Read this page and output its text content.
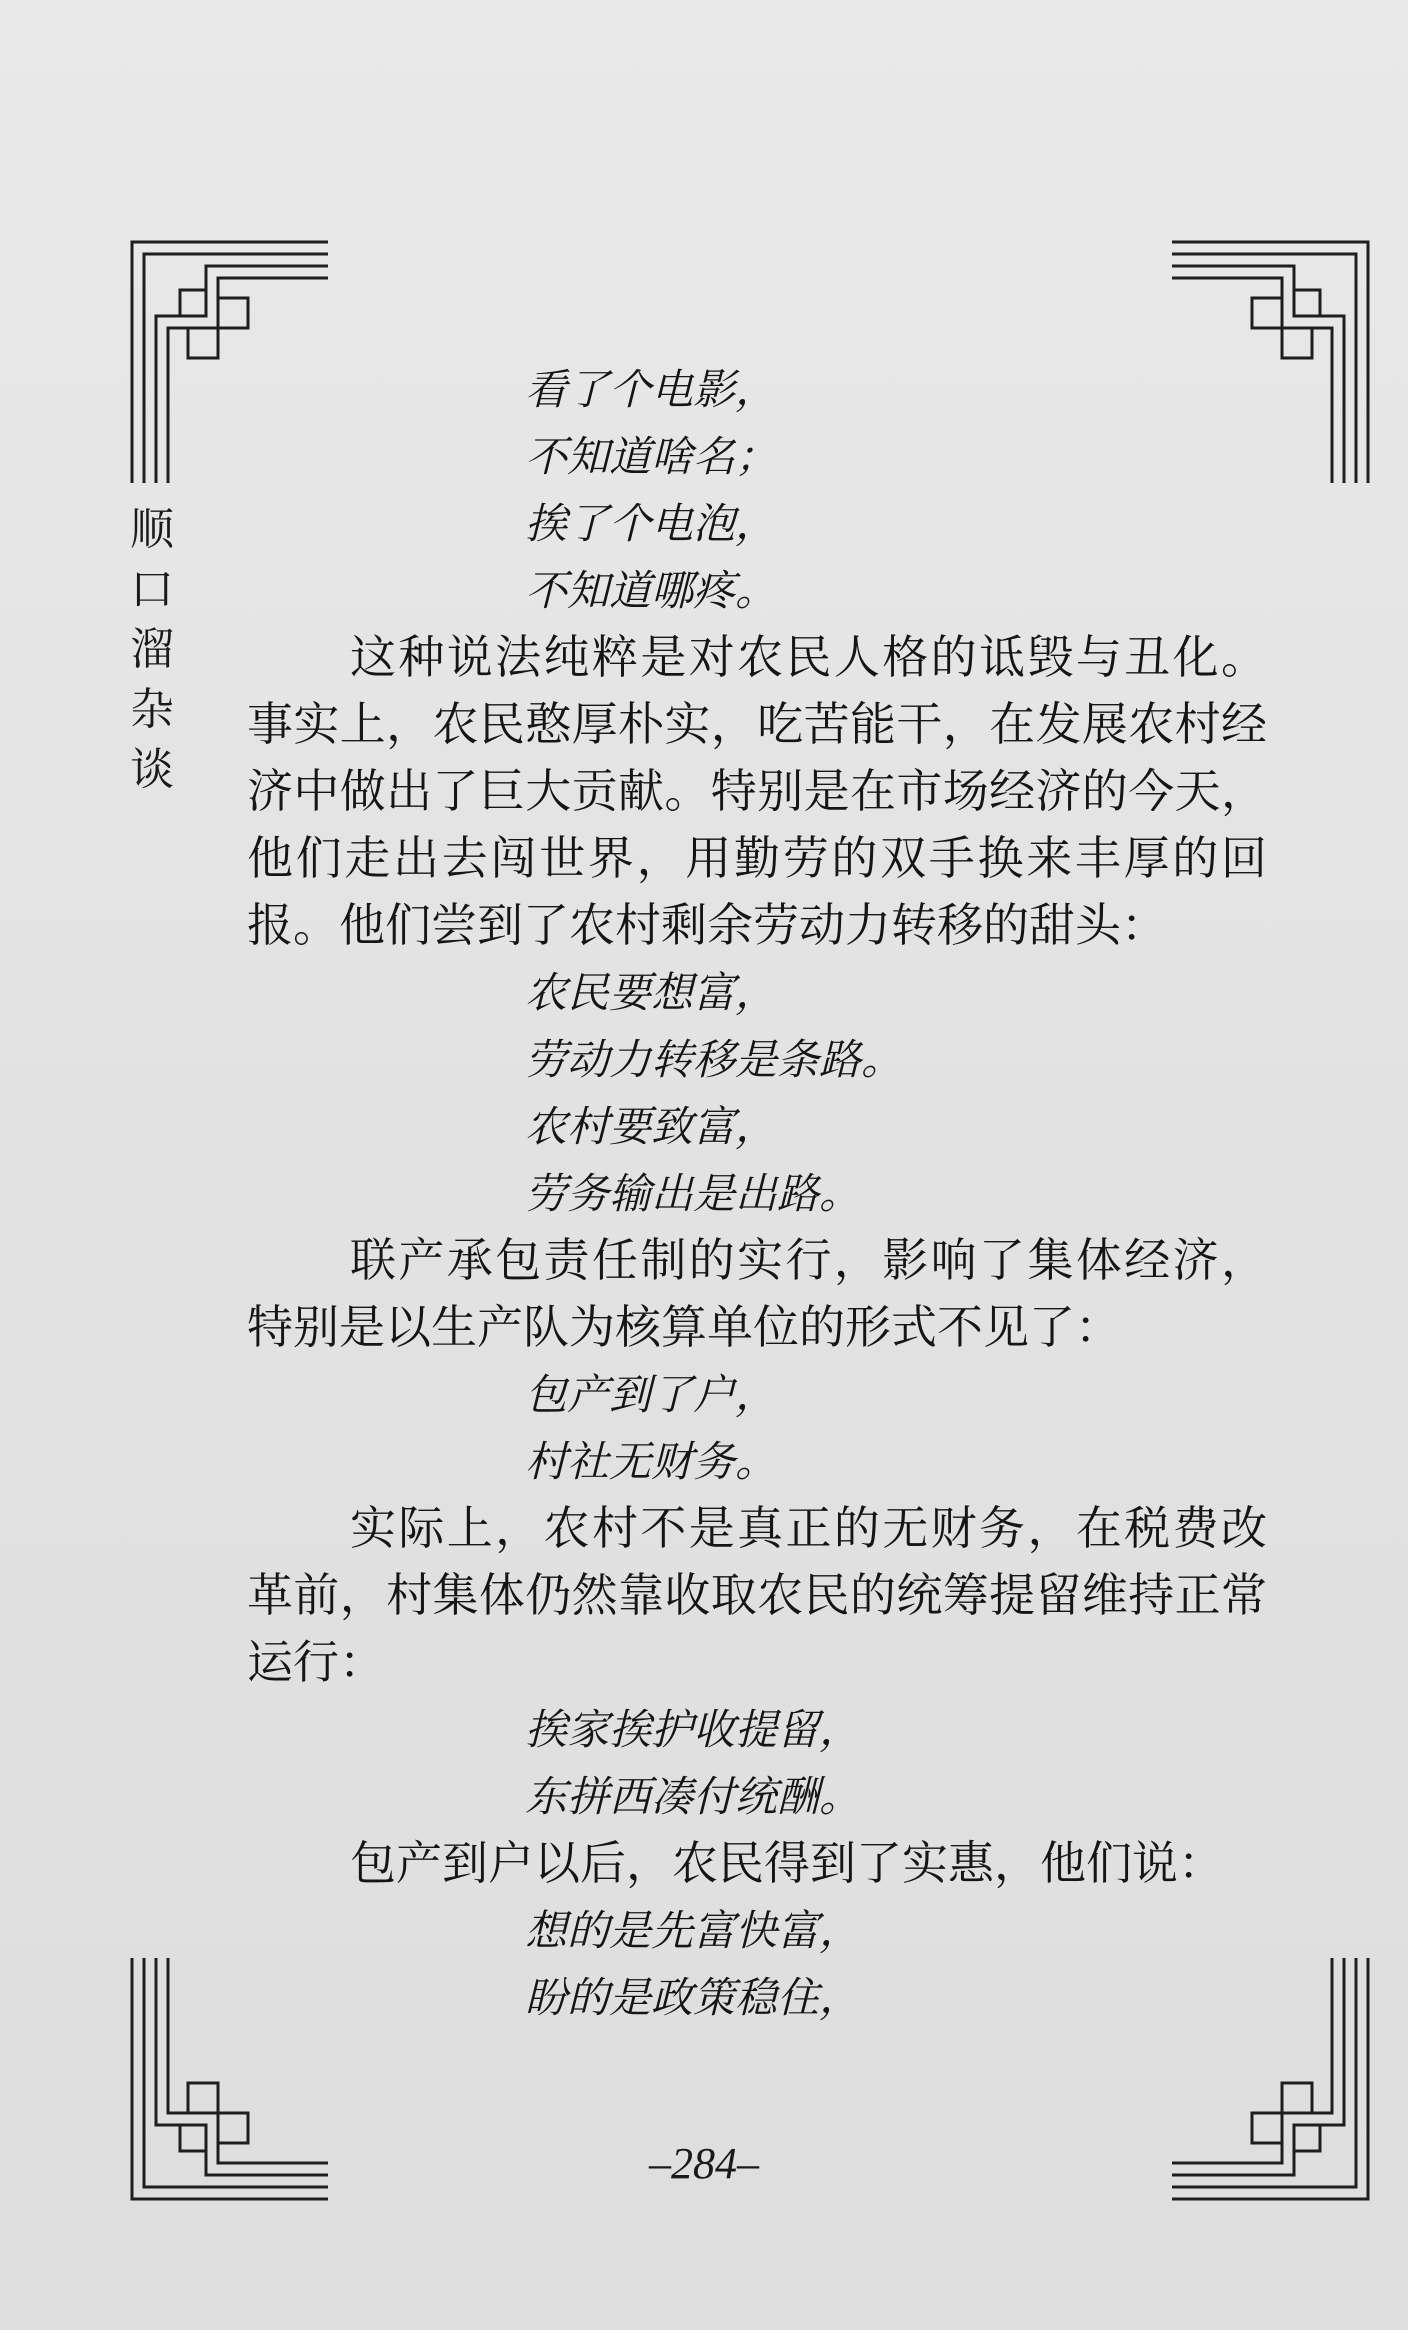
顺
口
溜
杂
谈

看了个电影，

不知道啥名；

挨了个电泡，

不知道哪疼。

这种说法纯粹是对农民人格的诋毁与丑化。事实上，农民憨厚朴实，吃苦能干，在发展农村经济中做出了巨大贡献。特别是在市场经济的今天，他们走出去闯世界，用勤劳的双手换来丰厚的回报。他们尝到了农村剩余劳动力转移的甜头：

农民要想富，

劳动力转移是条路。

农村要致富，

劳务输出是出路。

联产承包责任制的实行，影响了集体经济，特别是以生产队为核算单位的形式不见了：

包产到了户，

村社无财务。

实际上，农村不是真正的无财务，在税费改革前，村集体仍然靠收取农民的统筹提留维持正常运行：

挨家挨护收提留，

东拼西凑付统酬。

包产到户以后，农民得到了实惠，他们说：

想的是先富快富，

盼的是政策稳住，

–284–
